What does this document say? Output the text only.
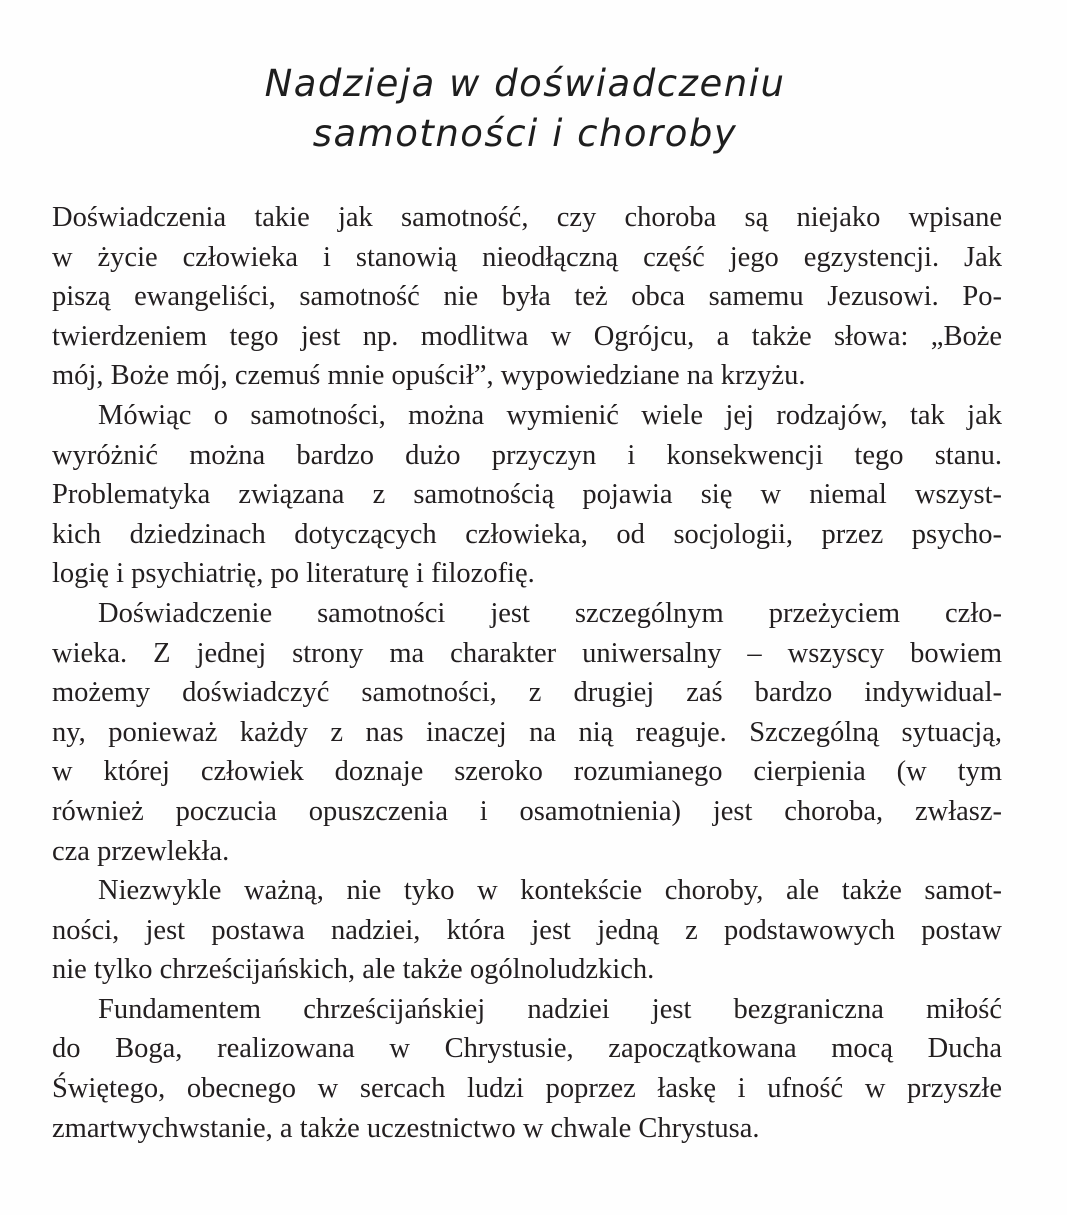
Nadzieja w doświadczeniu
samotności i choroby
Doświadczenia takie jak samotność, czy choroba są niejako wpisane
w życie człowieka i stanowią nieodłączną część jego egzystencji. Jak
piszą ewangeliści, samotność nie była też obca samemu Jezusowi. Po-
twierdzeniem tego jest np. modlitwa w Ogrójcu, a także słowa: „Boże
mój, Boże mój, czemuś mnie opuścił”, wypowiedziane na krzyżu.
Mówiąc o samotności, można wymienić wiele jej rodzajów, tak jak
wyróżnić można bardzo dużo przyczyn i konsekwencji tego stanu.
Problematyka związana z samotnością pojawia się w niemal wszyst-
kich dziedzinach dotyczących człowieka, od socjologii, przez psycho-
logię i psychiatrię, po literaturę i filozofię.
Doświadczenie samotności jest szczególnym przeżyciem czło-
wieka. Z jednej strony ma charakter uniwersalny – wszyscy bowiem
możemy doświadczyć samotności, z drugiej zaś bardzo indywidual-
ny, ponieważ każdy z nas inaczej na nią reaguje. Szczególną sytuacją,
w której człowiek doznaje szeroko rozumianego cierpienia (w tym
również poczucia opuszczenia i osamotnienia) jest choroba, zwłasz-
cza przewlekła.
Niezwykle ważną, nie tyko w kontekście choroby, ale także samot-
ności, jest postawa nadziei, która jest jedną z podstawowych postaw
nie tylko chrześcijańskich, ale także ogólnoludzkich.
Fundamentem chrześcijańskiej nadziei jest bezgraniczna miłość
do Boga, realizowana w Chrystusie, zapoczątkowana mocą Ducha
Świętego, obecnego w sercach ludzi poprzez łaskę i ufność w przyszłe
zmartwychwstanie, a także uczestnictwo w chwale Chrystusa.
